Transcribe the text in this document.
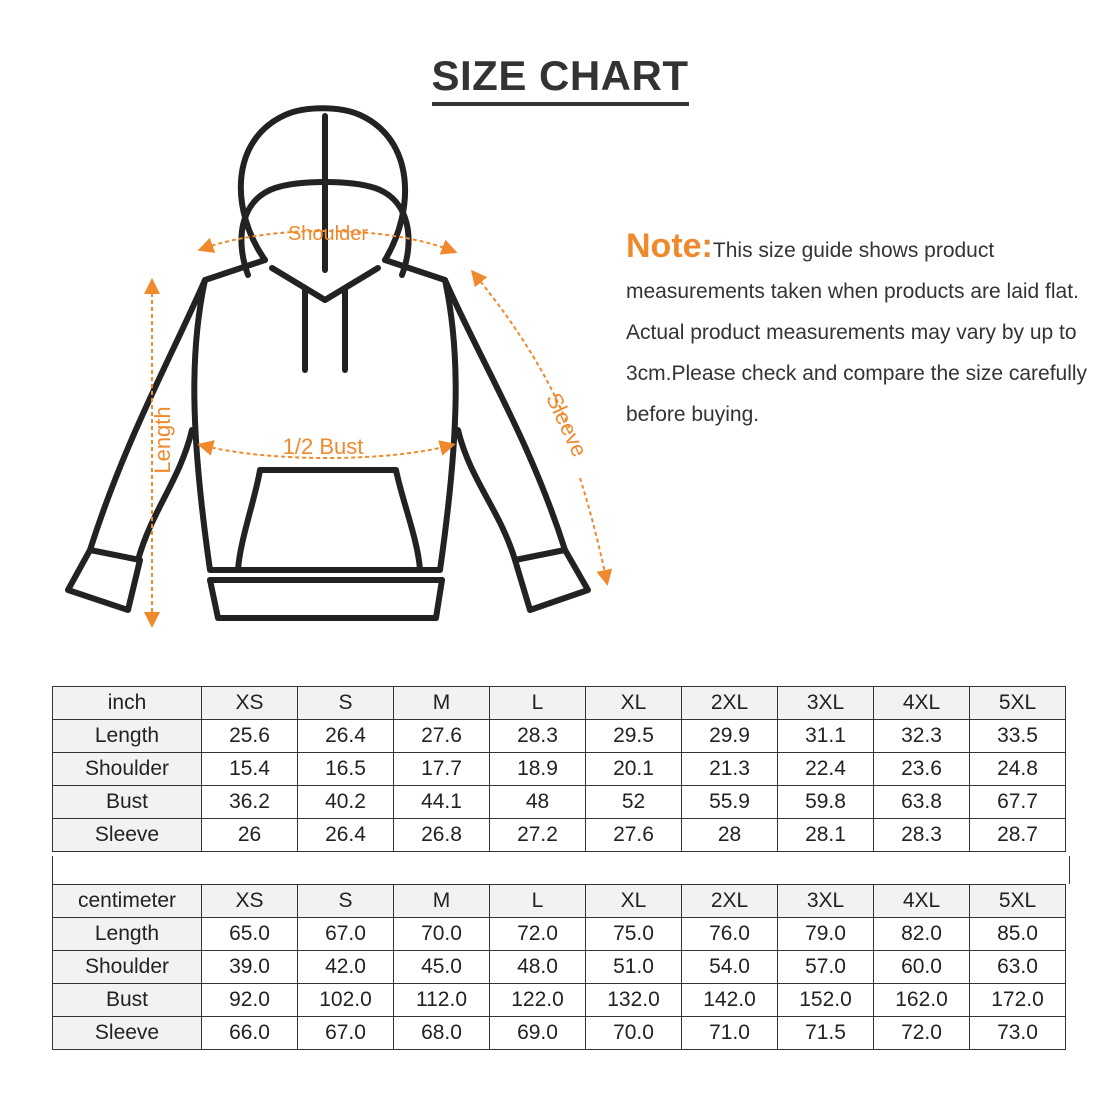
SIZE CHART
Shoulder
1/2 Bust
Length	Sleeve
Note:This size guide shows product measurements taken when products are laid flat. Actual product measurements may vary by up to 3cm.Please check and compare the size carefully before buying.
inch	XS	S	M	L	XL	2XL	3XL	4XL	5XL
Length	25.6	26.4	27.6	28.3	29.5	29.9	31.1	32.3	33.5
Shoulder	15.4	16.5	17.7	18.9	20.1	21.3	22.4	23.6	24.8
Bust	36.2	40.2	44.1	48	52	55.9	59.8	63.8	67.7
Sleeve	26	26.4	26.8	27.2	27.6	28	28.1	28.3	28.7
centimeter	XS	S	M	L	XL	2XL	3XL	4XL	5XL
Length	65.0	67.0	70.0	72.0	75.0	76.0	79.0	82.0	85.0
Shoulder	39.0	42.0	45.0	48.0	51.0	54.0	57.0	60.0	63.0
Bust	92.0	102.0	112.0	122.0	132.0	142.0	152.0	162.0	172.0
Sleeve	66.0	67.0	68.0	69.0	70.0	71.0	71.5	72.0	73.0
